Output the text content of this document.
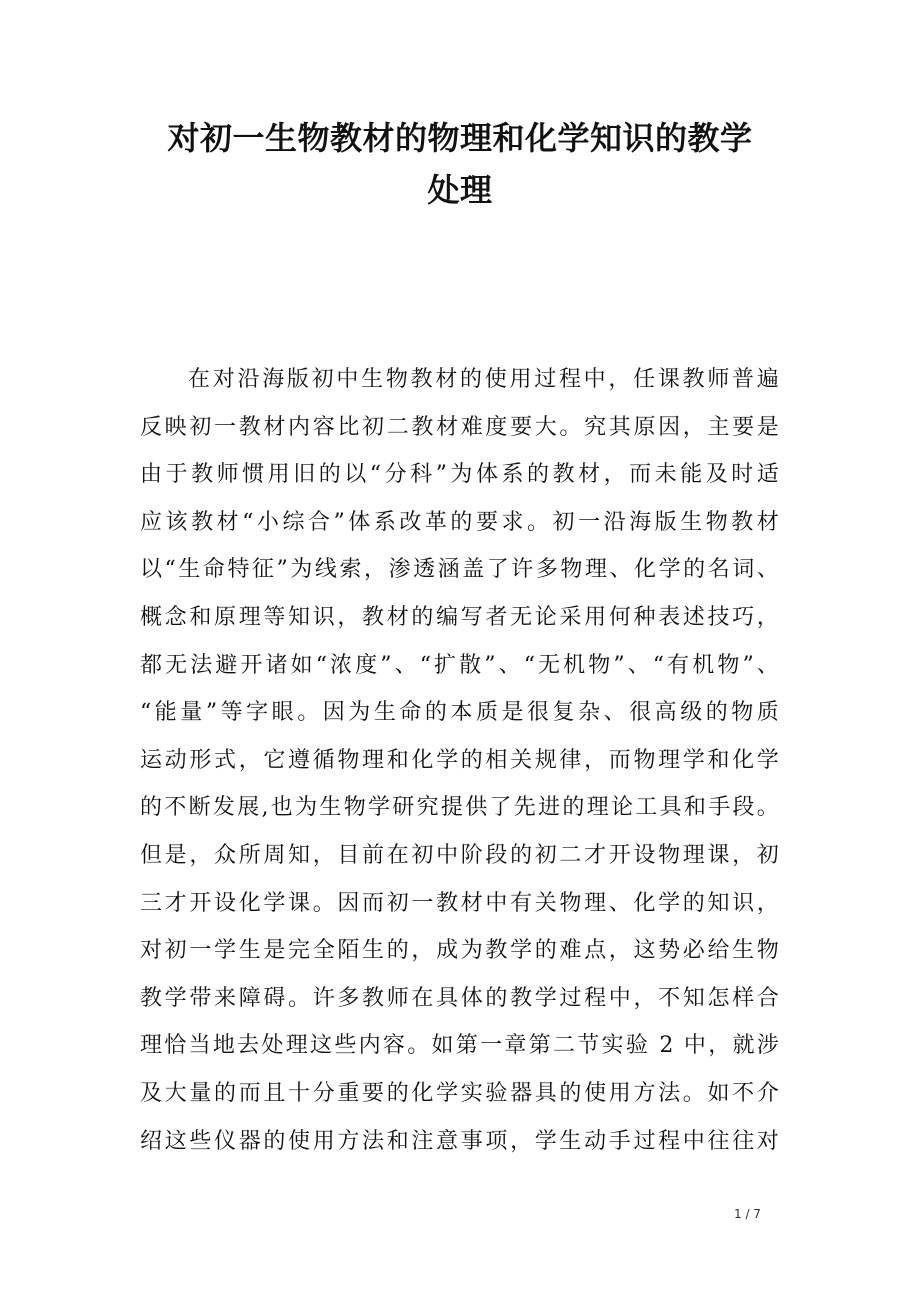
对初一生物教材的物理和化学知识的教学
处理
在对沿海版初中生物教材的使用过程中，任课教师普遍
反映初一教材内容比初二教材难度要大。究其原因，主要是
由于教师惯用旧的以“分科”为体系的教材，而未能及时适
应该教材“小综合”体系改革的要求。初一沿海版生物教材
以“生命特征”为线索，渗透涵盖了许多物理、化学的名词、
概念和原理等知识，教材的编写者无论采用何种表述技巧，
都无法避开诸如“浓度”、“扩散”、“无机物”、“有机物”、
“能量”等字眼。因为生命的本质是很复杂、很高级的物质
运动形式，它遵循物理和化学的相关规律，而物理学和化学
的不断发展,也为生物学研究提供了先进的理论工具和手段。
但是，众所周知，目前在初中阶段的初二才开设物理课，初
三才开设化学课。因而初一教材中有关物理、化学的知识，
对初一学生是完全陌生的，成为教学的难点，这势必给生物
教学带来障碍。许多教师在具体的教学过程中，不知怎样合
理恰当地去处理这些内容。如第一章第二节实验 2 中，就涉
及大量的而且十分重要的化学实验器具的使用方法。如不介
绍这些仪器的使用方法和注意事项，学生动手过程中往往对
1 / 7
